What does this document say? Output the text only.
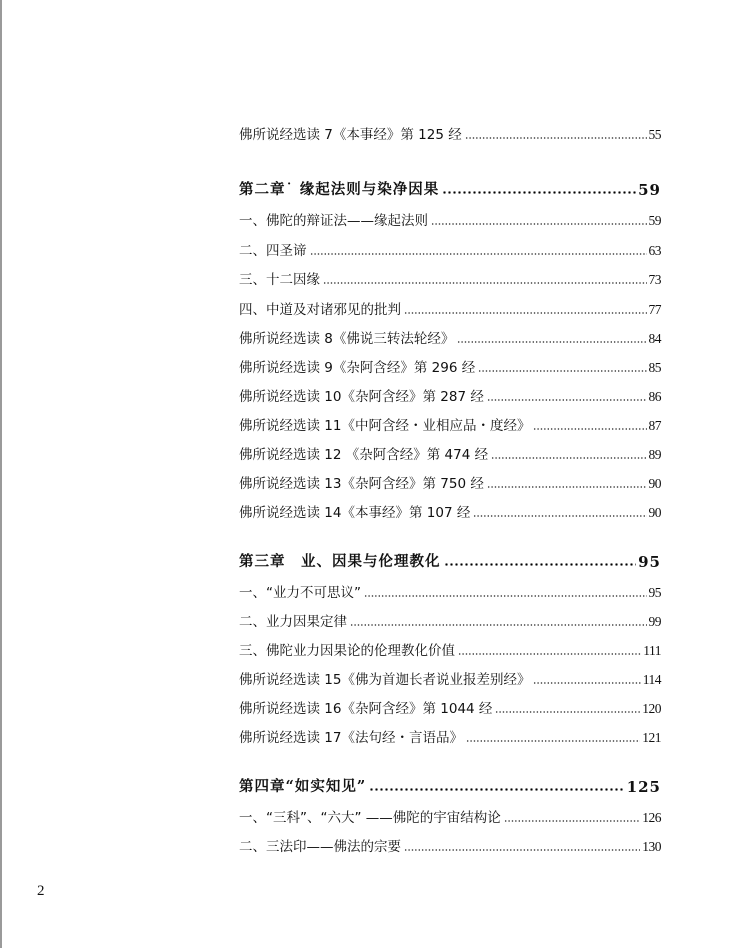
佛所说经选读 7《本事经》第 125 经	55
第二章˙ 缘起法则与染净因果	59
一、佛陀的辩证法——缘起法则	59
二、四圣谛	63
三、十二因缘	73
四、中道及对诸邪见的批判	77
佛所说经选读 8《佛说三转法轮经》	84
佛所说经选读 9《杂阿含经》第 296 经	85
佛所说经选读 10《杂阿含经》第 287 经	86
佛所说经选读 11《中阿含经・业相应品・度经》	87
佛所说经选读 12 《杂阿含经》第 474 经	89
佛所说经选读 13《杂阿含经》第 750 经	90
佛所说经选读 14《本事经》第 107 经	90
第三章　业、因果与伦理教化	95
一、“业力不可思议”	95
二、业力因果定律	99
三、佛陀业力因果论的伦理教化价值	111
佛所说经选读 15《佛为首迦长者说业报差别经》	114
佛所说经选读 16《杂阿含经》第 1044 经	120
佛所说经选读 17《法句经・言语品》	121
第四章“如实知见”	125
一、“三科”、“六大” ——佛陀的宇宙结构论	126
二、三法印——佛法的宗要	130
2
